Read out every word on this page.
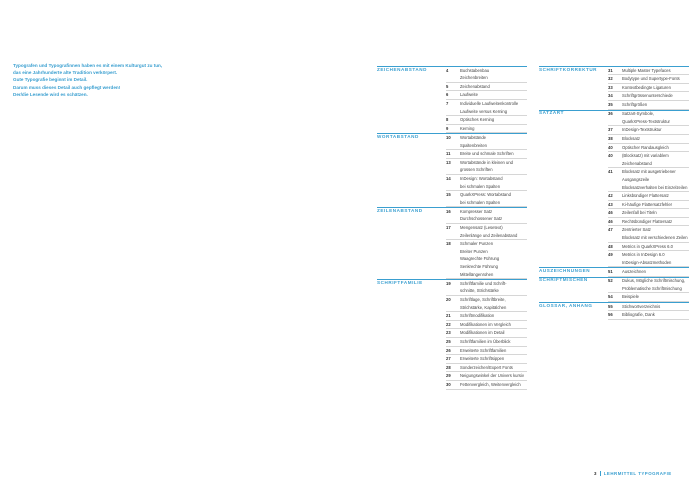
Typografen und Typografinnen haben es mit einem Kulturgut zu tun,

das eine Jahrhunderte alte Tradition verkörpert.

Gute Typografie beginnt im Detail.

Darum muss dieses Detail auch gepflegt werden!

Der/die Lesende wird es schätzen.

ZEICHENABSTAND	4	Buchstabenbau
Zeichenbreiten
5	Zeichenabstand
6	Laufweite
7	Individuelle Laufweitenkontrolle
Laufweite versus Kerning
8	Optisches Kerning
9	Kerning
WORTABSTAND	10	Wortabstände
Spaltenbreiten
11	Breite und schmale Schriften
13	Wortabstände in kleinen und
grossen Schriften
14	InDesign: Wortabstand
bei schmalen Spalten
15	QuarkXPress: Wortabstand
bei schmalen Spalten
ZEILENABSTAND	16	Kompresser Satz
Durchschossener Satz
17	Mengensatz (Lesetext)
Zeilenlänge und Zeilenabstand
18	Schmaler Punzen
Breiter Punzen
Waagrechte Führung
Senkrechte Führung
Mittellängenrohen
SCHRIFTFAMILIE	19	Schriftfamilie und Schrift-
schnitte, Strichstärke
20	Schriftlage, Schriftbreite,
Strichstärke, Kapitälchen
21	Schriftmodifikation
22	Modifikationen im Vergleich
23	Modifikationen im Detail
25	Schriftfamilien im Überblick
26	Erweiterte Schriftfamilien
27	Erweiterte Schriftsippen
28	Sonderzeichen/Expert Fonts
29	Neigungswinkel der Univers kursiv
30	Fettenvergleich, Weitenvergleich
SCHRIFTKORREKTUR	31	Multiple Master Typefaces
32	Bodytype und Supertype-Fonts
33	Kontextbedingte Ligaturen
34	Schriftgrössenunterschiede
35	Schriftgrößen
SATZART	36	Satzart-Symbole,
QuarkXPress-Textstruktur
37	InDesign-Textstruktur
38	Blocksatz
40	Optischer Randausgleich
40	(Blocksatz) mit variablem
Zeichenabstand
41	Blocksatz mit ausgetriebener
Ausgangszeile
Blocksatzverhalten bei Einzelzeilen
42	Linksbündiger Flattersatz
43	Ki-häufige Flattersatzfehler
46	Zeilenfall bei Titeln
46	Rechtsbündiger Flattersatz
47	Zentrierter Satz
Blocksatz mit verschiedenen Zeilen
48	Metrics in QuarkXPress 6.0
49	Metrics in InDesign 6.0
InDesign-Absatzmethoden
AUSZEICHNUNGEN	51	Auszeichnen
SCHRIFTMISCHEN	52	Dukus, Mögliche Schriftmischung,
Problematische Schriftmischung
54	Beispiele
GLOSSAR, ANHANG	55	Stichwortverzeichnis
56	Bibliografie, Dank
3 LEHRMITTEL TYPOGRAFIE
